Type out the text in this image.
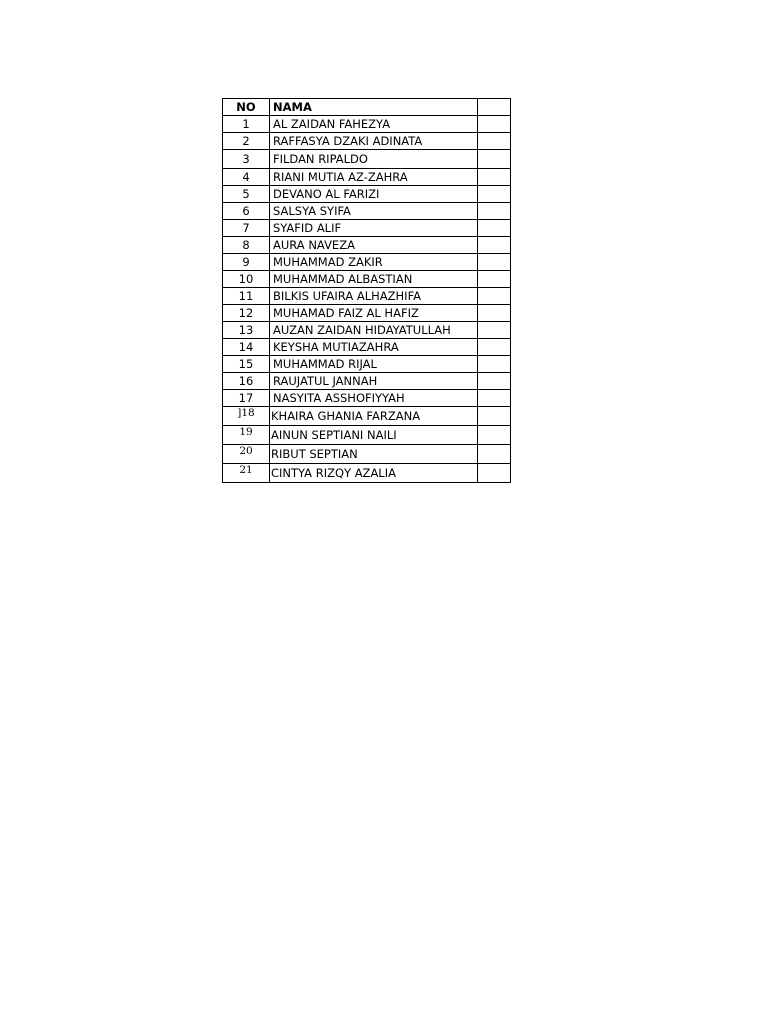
NO	NAMA	
1	AL ZAIDAN FAHEZYA	
2	RAFFASYA DZAKI ADINATA	
3	FILDAN RIPALDO	
4	RIANI MUTIA AZ-ZAHRA	
5	DEVANO AL FARIZI	
6	SALSYA SYIFA	
7	SYAFID ALIF	
8	AURA NAVEZA	
9	MUHAMMAD ZAKIR	
10	MUHAMMAD ALBASTIAN	
11	BILKIS UFAIRA ALHAZHIFA	
12	MUHAMAD FAIZ AL HAFIZ	
13	AUZAN ZAIDAN HIDAYATULLAH	
14	KEYSHA MUTIAZAHRA	
15	MUHAMMAD RIJAL	
16	RAUJATUL JANNAH	
17	NASYITA ASSHOFIYYAH	
]18	KHAIRA GHANIA FARZANA	
19	AINUN SEPTIANI NAILI	
20	RIBUT SEPTIAN	
21	CINTYA RIZQY AZALIA	
